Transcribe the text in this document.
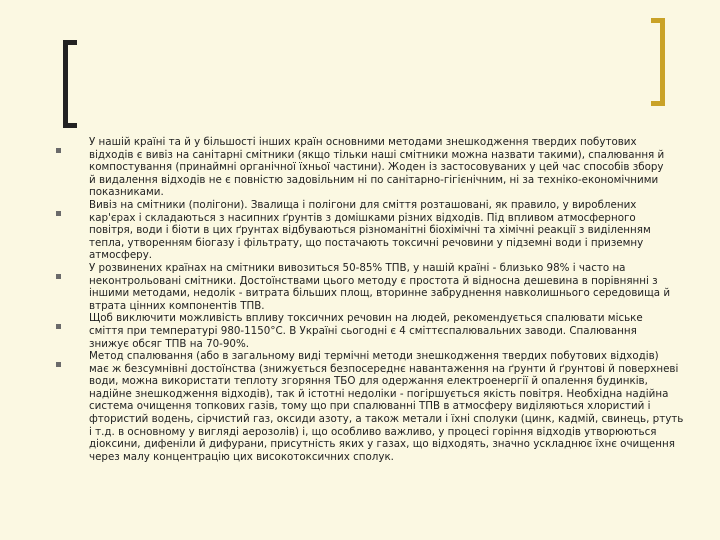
У нашій країні та й у більшості інших країн основними методами знешкодження твердих побутових
відходів є вивіз на санітарні смітники (якщо тільки наші смітники можна назвати такими), спалювання й
компостування (принаймні органічної їхньої частини). Жоден із застосовуваних у цей час способів збору
й видалення відходів не є повністю задовільним ні по санітарно-гігієнічним, ні за техніко-економічними
показниками.

Вивіз на смітники (полігони). Звалища і полігони для сміття розташовані, як правило, у вироблених
кар'єрах і складаються з насипних ґрунтів з домішками різних відходів. Під впливом атмосферного
повітря, води і біоти в цих ґрунтах відбуваються різноманітні біохімічні та хімічні реакції з виділенням
тепла, утворенням біогазу і фільтрату, що постачають токсичні речовини у підземні води і приземну
атмосферу.

У розвинених країнах на смітники вивозиться 50-85% ТПВ, у нашій країні - близько 98% і часто на
неконтрольовані смітники. Достоїнствами цього методу є простота й відносна дешевина в порівнянні з
іншими методами, недолік - витрата більших площ, вторинне забруднення навколишнього середовища й
втрата цінних компонентів ТПВ.

Щоб виключити можливість впливу токсичних речовин на людей, рекомендується спалювати міське
сміття при температурі 980-1150°С. В Україні сьогодні є 4 сміттєспалювальних заводи. Спалювання
знижує обсяг ТПВ на 70-90%.

Метод спалювання (або в загальному виді термічні методи знешкодження твердих побутових відходів)
має ж безсумнівні достоїнства (знижується безпосереднє навантаження на ґрунти й ґрунтові й поверхневі
води, можна використати теплоту згоряння ТБО для одержання електроенергії й опалення будинків,
надійне знешкодження відходів), так й істотні недоліки - погіршується якість повітря. Необхідна надійна
система очищення топкових газів, тому що при спалюванні ТПВ в атмосферу виділяються хлористий і
фтористий водень, сірчистий газ, оксиди азоту, а також метали і їхні сполуки (цинк, кадмій, свинець, ртуть
і т.д. в основному у вигляді аерозолів) і, що особливо важливо, у процесі горіння відходів утворюються
діоксини, дифеніли й дифурани, присутність яких у газах, що відходять, значно ускладнює їхнє очищення
через малу концентрацію цих високотоксичних сполук.
